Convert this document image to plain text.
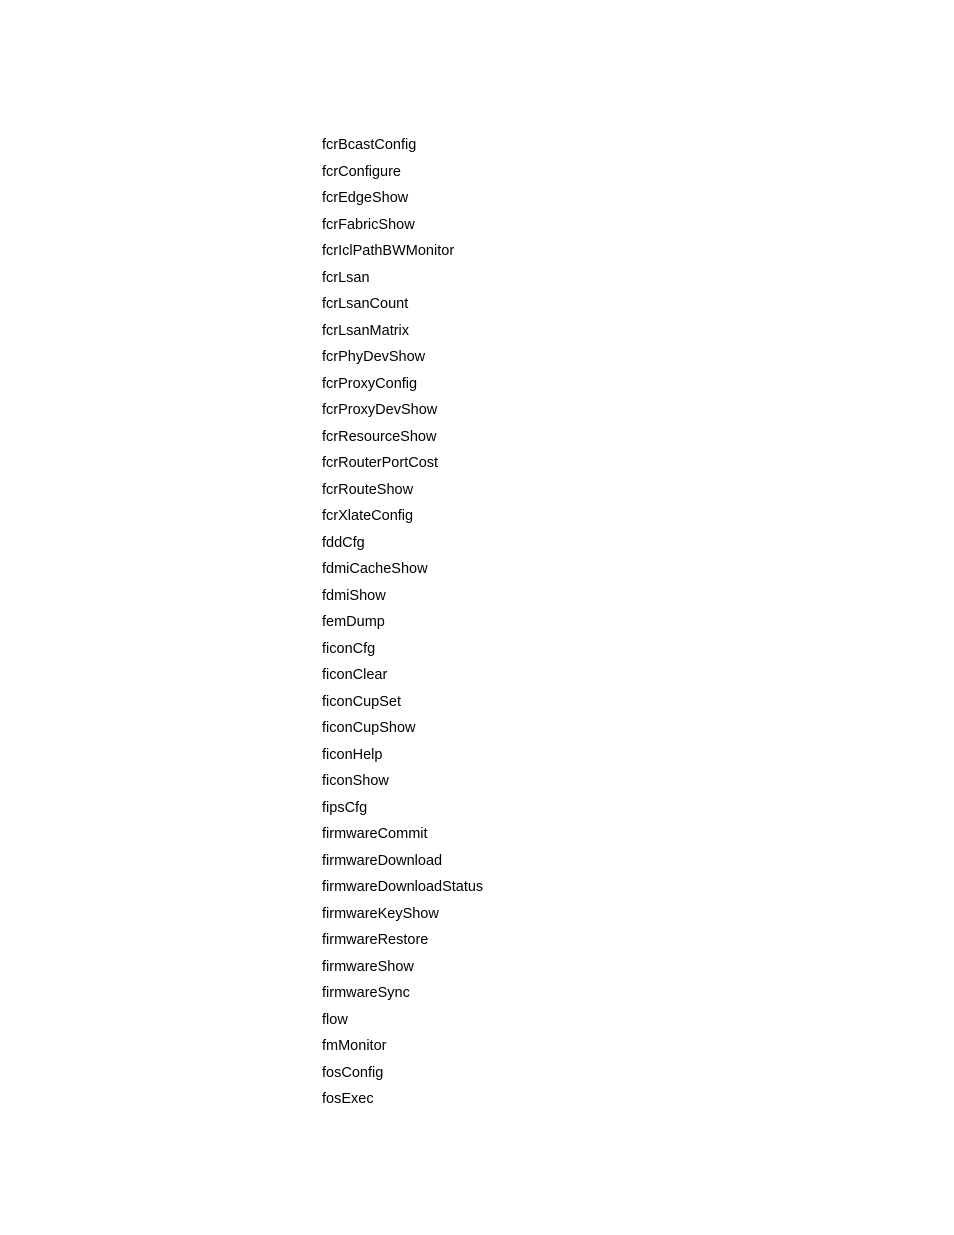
fcrBcastConfig
fcrConfigure
fcrEdgeShow
fcrFabricShow
fcrIclPathBWMonitor
fcrLsan
fcrLsanCount
fcrLsanMatrix
fcrPhyDevShow
fcrProxyConfig
fcrProxyDevShow
fcrResourceShow
fcrRouterPortCost
fcrRouteShow
fcrXlateConfig
fddCfg
fdmiCacheShow
fdmiShow
femDump
ficonCfg
ficonClear
ficonCupSet
ficonCupShow
ficonHelp
ficonShow
fipsCfg
firmwareCommit
firmwareDownload
firmwareDownloadStatus
firmwareKeyShow
firmwareRestore
firmwareShow
firmwareSync
flow
fmMonitor
fosConfig
fosExec
